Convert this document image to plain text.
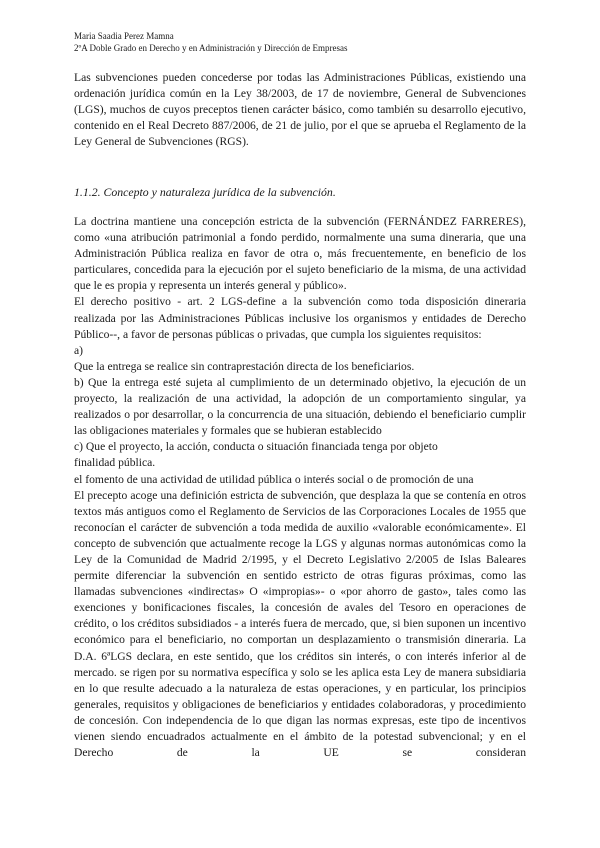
Maria Saadia Perez Mamna
2ºA Doble Grado en Derecho y en Administración y Dirección de Empresas

Las subvenciones pueden concederse por todas las Administraciones Públicas, existiendo una ordenación jurídica común en la Ley 38/2003, de 17 de noviembre, General de Subvenciones (LGS), muchos de cuyos preceptos tienen carácter básico, como también su desarrollo ejecutivo, contenido en el Real Decreto 887/2006, de 21 de julio, por el que se aprueba el Reglamento de la Ley General de Subvenciones (RGS).

1.1.2. Concepto y naturaleza jurídica de la subvención.

La doctrina mantiene una concepción estricta de la subvención (FERNÁNDEZ FARRERES), como «una atribución patrimonial a fondo perdido, normalmente una suma dineraria, que una Administración Pública realiza en favor de otra o, más frecuentemente, en beneficio de los particulares, concedida para la ejecución por el sujeto beneficiario de la misma, de una actividad que le es propia y representa un interés general y público».

El derecho positivo - art. 2 LGS-define a la subvención como toda disposición dineraria realizada por las Administraciones Públicas inclusive los organismos y entidades de Derecho Público--, a favor de personas públicas o privadas, que cumpla los siguientes requisitos:

a)

Que la entrega se realice sin contraprestación directa de los beneficiarios.

b) Que la entrega esté sujeta al cumplimiento de un determinado objetivo, la ejecución de un proyecto, la realización de una actividad, la adopción de un comportamiento singular, ya realizados o por desarrollar, o la concurrencia de una situación, debiendo el beneficiario cumplir las obligaciones materiales y formales que se hubieran establecido

c) Que el proyecto, la acción, conducta o situación financiada tenga por objeto

finalidad pública.

el fomento de una actividad de utilidad pública o interés social o de promoción de una

El precepto acoge una definición estricta de subvención, que desplaza la que se contenía en otros textos más antiguos como el Reglamento de Servicios de las Corporaciones Locales de 1955 que reconocían el carácter de subvención a toda medida de auxilio «valorable económicamente». El concepto de subvención que actualmente recoge la LGS y algunas normas autonómicas como la Ley de la Comunidad de Madrid 2/1995, y el Decreto Legislativo 2/2005 de Islas Baleares permite diferenciar la subvención en sentido estricto de otras figuras próximas, como las llamadas subvenciones «indirectas» O «impropias»- o «por ahorro de gasto», tales como las exenciones y bonificaciones fiscales, la concesión de avales del Tesoro en operaciones de crédito, o los créditos subsidiados - a interés fuera de mercado, que, si bien suponen un incentivo económico para el beneficiario, no comportan un desplazamiento o transmisión dineraria. La D.A. 6ªLGS declara, en este sentido, que los créditos sin interés, o con interés inferior al de mercado. se rigen por su normativa específica y solo se les aplica esta Ley de manera subsidiaria en lo que resulte adecuado a la naturaleza de estas operaciones, y en particular, los principios generales, requisitos y obligaciones de beneficiarios y entidades colaboradoras, y procedimiento de concesión. Con independencia de lo que digan las normas expresas, este tipo de incentivos vienen siendo encuadrados actualmente en el ámbito de la potestad subvencional; y en el Derecho de la UE se consideran
